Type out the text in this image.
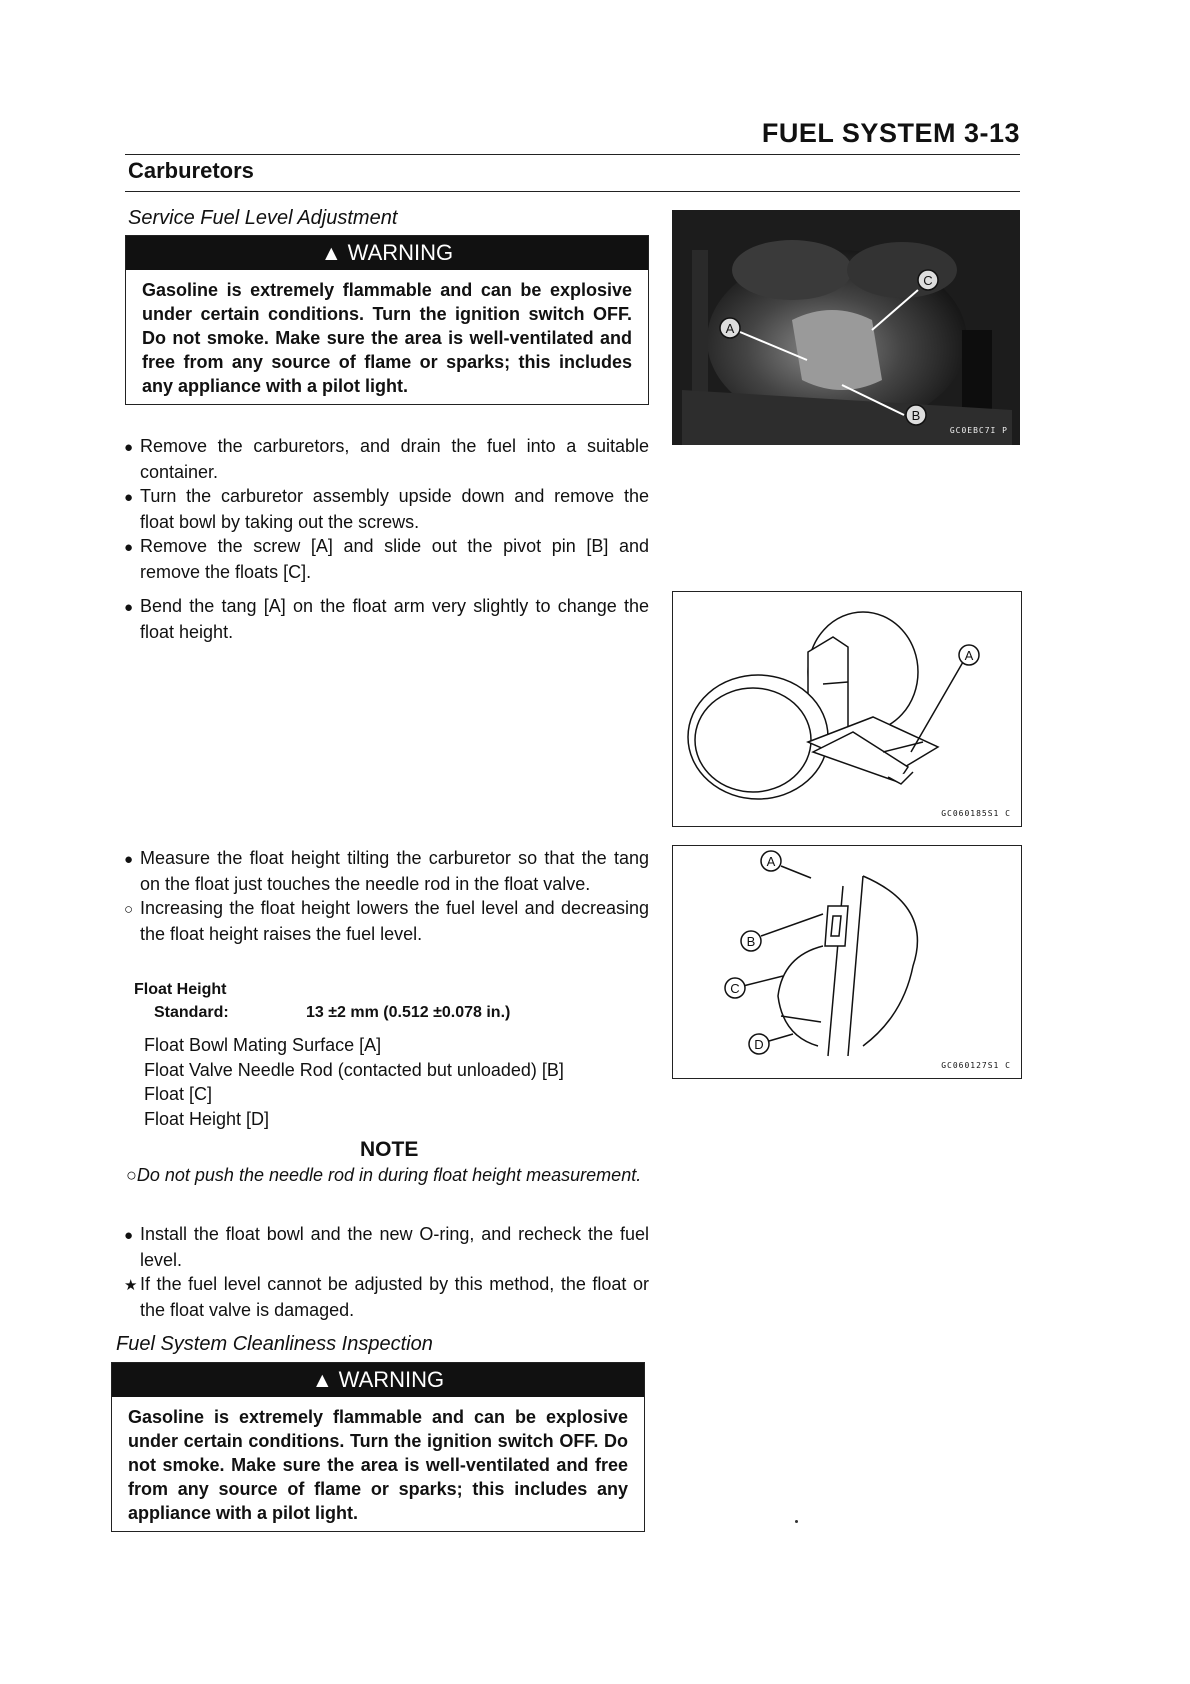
FUEL SYSTEM 3-13
Carburetors
Service Fuel Level Adjustment
▲ WARNING
Gasoline is extremely flammable and can be explosive under certain conditions. Turn the ignition switch OFF. Do not smoke. Make sure the area is well-ventilated and free from any source of flame or sparks; this includes any appliance with a pilot light.

● Remove the carburetors, and drain the fuel into a suitable container.

● Turn the carburetor assembly upside down and remove the float bowl by taking out the screws.

● Remove the screw [A] and slide out the pivot pin [B] and remove the floats [C].

● Bend the tang [A] on the float arm very slightly to change the float height.

● Measure the float height tilting the carburetor so that the tang on the float just touches the needle rod in the float valve.

○ Increasing the float height lowers the fuel level and decreasing the float height raises the fuel level.

Float Height
Standard:	13 ±2 mm (0.512 ±0.078 in.)
Float Bowl Mating Surface [A]
Float Valve Needle Rod (contacted but unloaded) [B]
Float [C]
Float Height [D]
NOTE
○Do not push the needle rod in during float height measurement.

● Install the float bowl and the new O-ring, and recheck the fuel level.

★ If the fuel level cannot be adjusted by this method, the float or the float valve is damaged.

Fuel System Cleanliness Inspection
▲ WARNING
Gasoline is extremely flammable and can be explosive under certain conditions. Turn the ignition switch OFF. Do not smoke. Make sure the area is well-ventilated and free from any source of flame or sparks; this includes any appliance with a pilot light.
A
C
B
GC0EBC7I P
A
GC060185S1 C
A
B
C
D
GC060127S1 C
